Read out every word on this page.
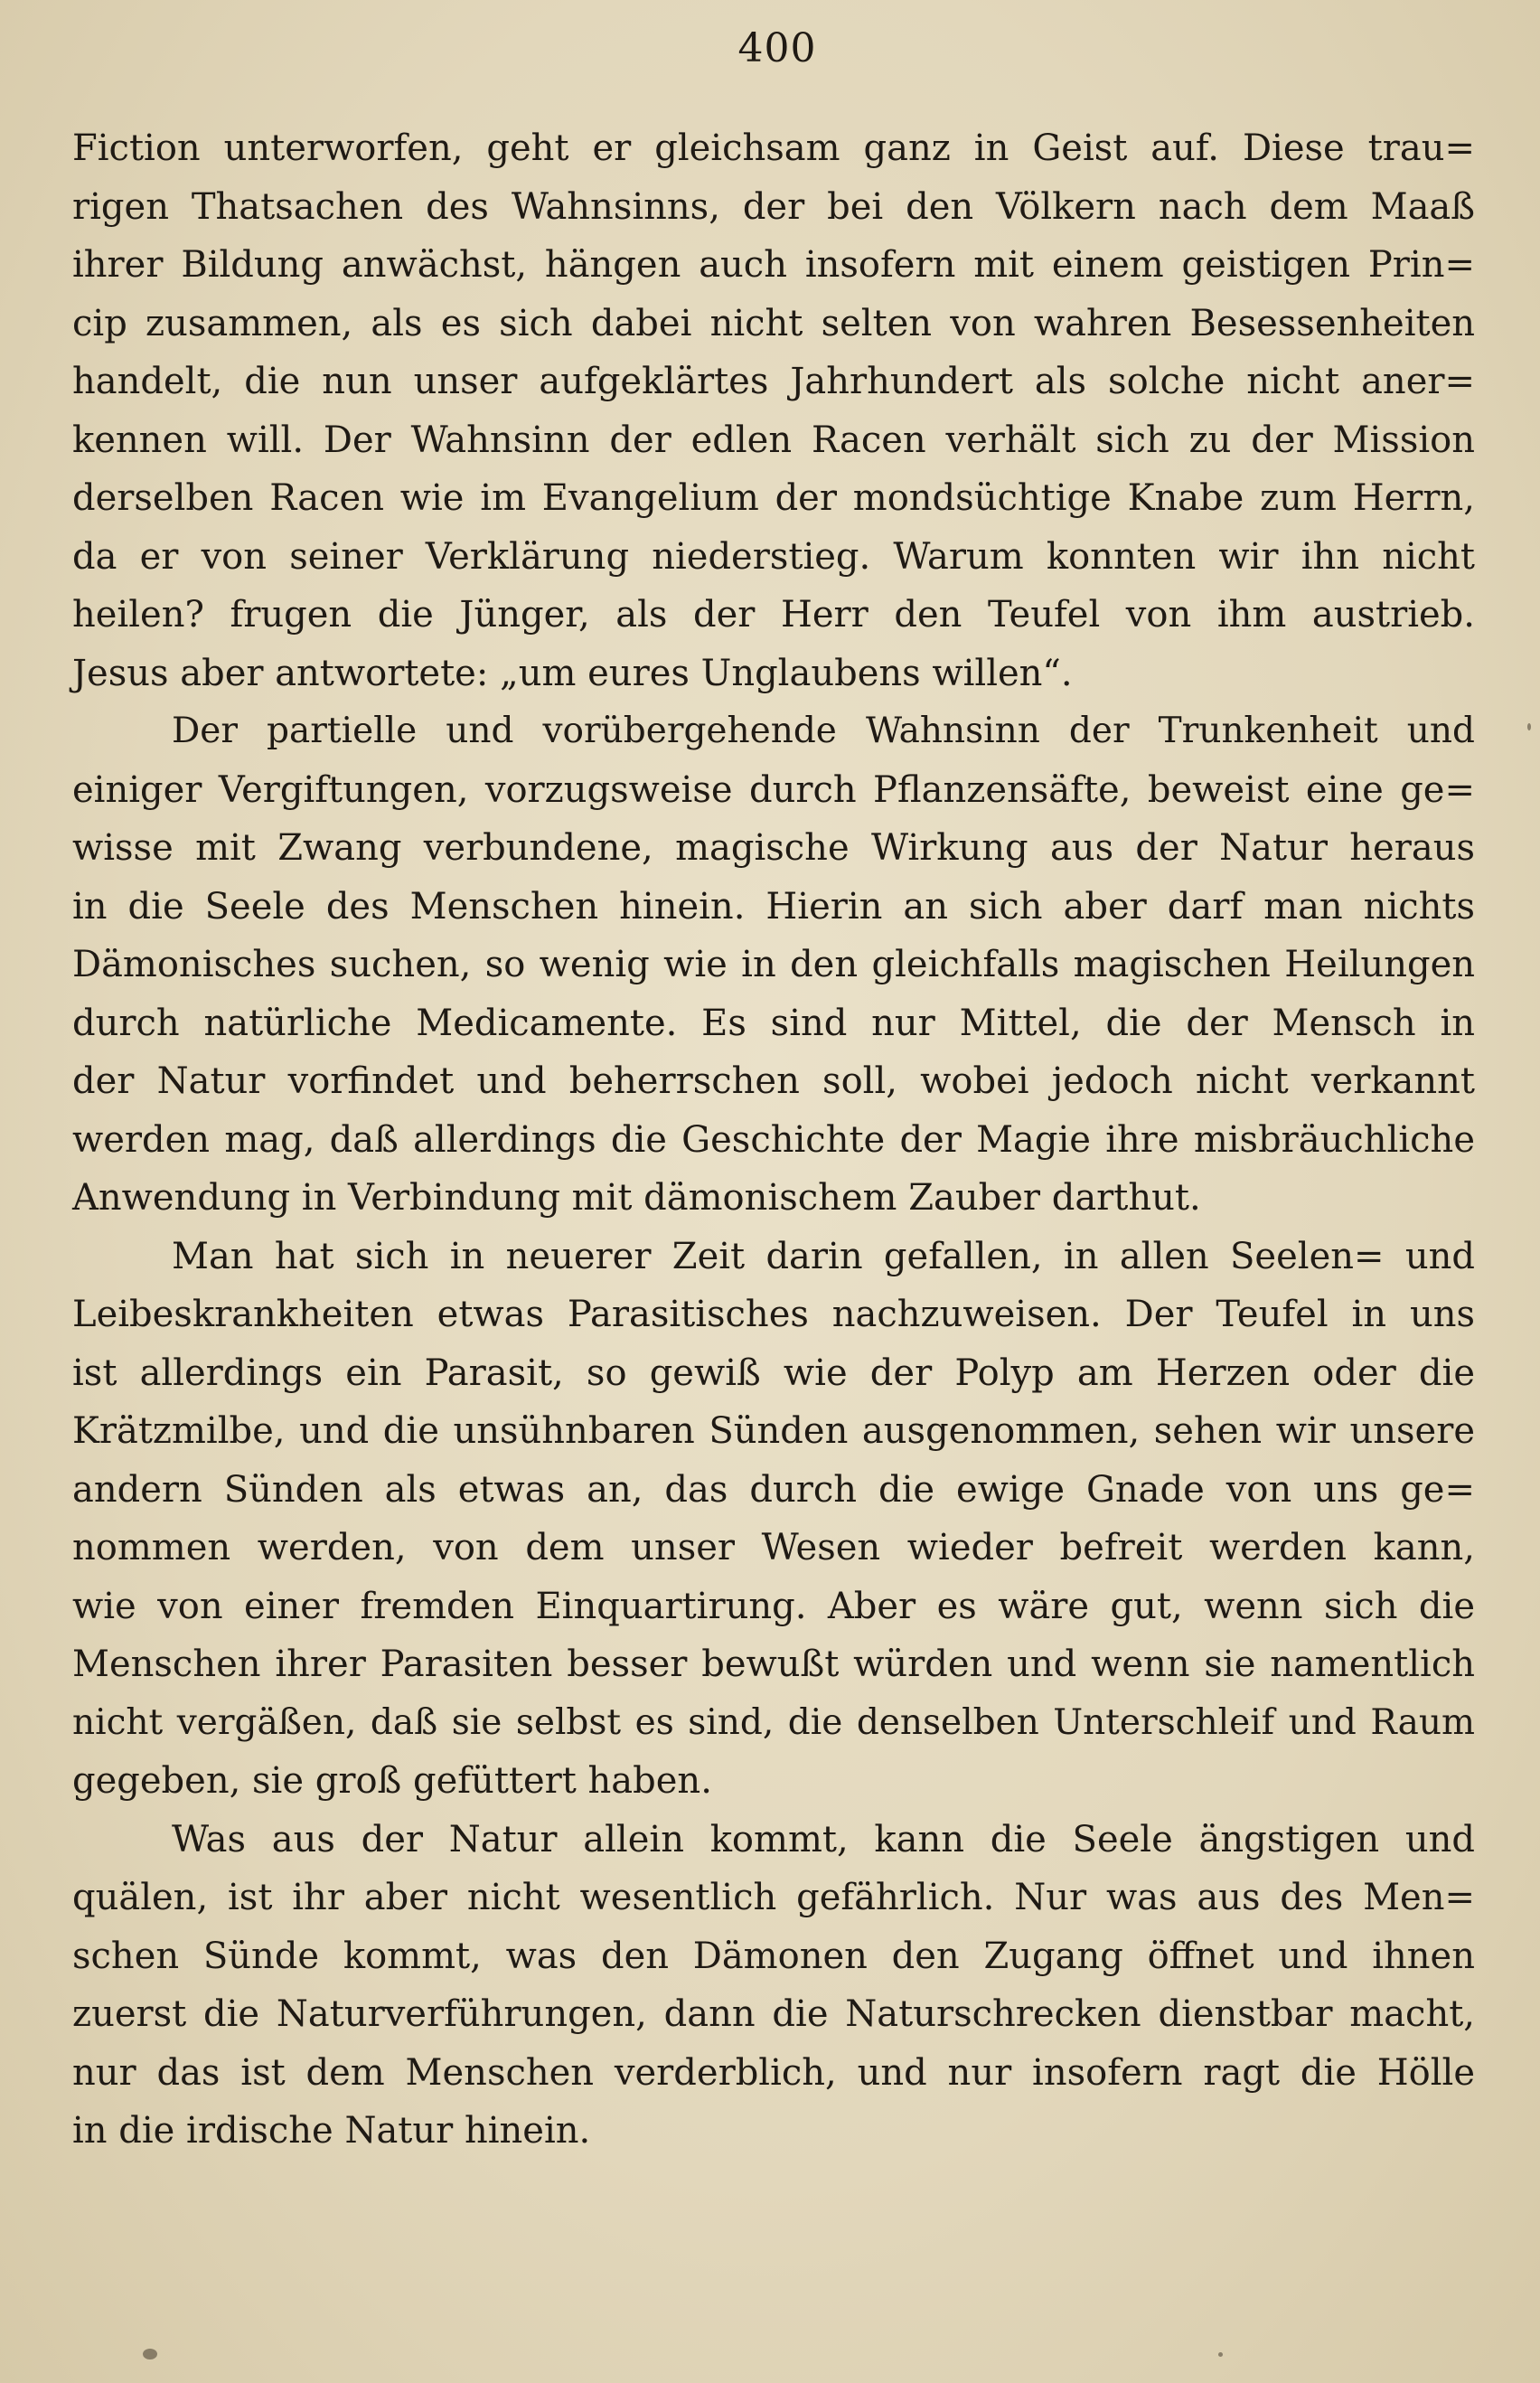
400
Fiction unterworfen, geht er gleichsam ganz in Geist auf. Diese trau=
rigen Thatsachen des Wahnsinns, der bei den Völkern nach dem Maaß
ihrer Bildung anwächst, hängen auch insofern mit einem geistigen Prin=
cip zusammen, als es sich dabei nicht selten von wahren Besessenheiten
handelt, die nun unser aufgeklärtes Jahrhundert als solche nicht aner=
kennen will. Der Wahnsinn der edlen Racen verhält sich zu der Mission
derselben Racen wie im Evangelium der mondsüchtige Knabe zum Herrn,
da er von seiner Verklärung niederstieg. Warum konnten wir ihn nicht
heilen? frugen die Jünger, als der Herr den Teufel von ihm austrieb.
Jesus aber antwortete: „um eures Unglaubens willen“.
Der partielle und vorübergehende Wahnsinn der Trunkenheit und
einiger Vergiftungen, vorzugsweise durch Pflanzensäfte, beweist eine ge=
wisse mit Zwang verbundene, magische Wirkung aus der Natur heraus
in die Seele des Menschen hinein. Hierin an sich aber darf man nichts
Dämonisches suchen, so wenig wie in den gleichfalls magischen Heilungen
durch natürliche Medicamente. Es sind nur Mittel, die der Mensch in
der Natur vorfindet und beherrschen soll, wobei jedoch nicht verkannt
werden mag, daß allerdings die Geschichte der Magie ihre misbräuchliche
Anwendung in Verbindung mit dämonischem Zauber darthut.
Man hat sich in neuerer Zeit darin gefallen, in allen Seelen= und
Leibeskrankheiten etwas Parasitisches nachzuweisen. Der Teufel in uns
ist allerdings ein Parasit, so gewiß wie der Polyp am Herzen oder die
Krätzmilbe, und die unsühnbaren Sünden ausgenommen, sehen wir unsere
andern Sünden als etwas an, das durch die ewige Gnade von uns ge=
nommen werden, von dem unser Wesen wieder befreit werden kann,
wie von einer fremden Einquartirung. Aber es wäre gut, wenn sich die
Menschen ihrer Parasiten besser bewußt würden und wenn sie namentlich
nicht vergäßen, daß sie selbst es sind, die denselben Unterschleif und Raum
gegeben, sie groß gefüttert haben.
Was aus der Natur allein kommt, kann die Seele ängstigen und
quälen, ist ihr aber nicht wesentlich gefährlich. Nur was aus des Men=
schen Sünde kommt, was den Dämonen den Zugang öffnet und ihnen
zuerst die Naturverführungen, dann die Naturschrecken dienstbar macht,
nur das ist dem Menschen verderblich, und nur insofern ragt die Hölle
in die irdische Natur hinein.
